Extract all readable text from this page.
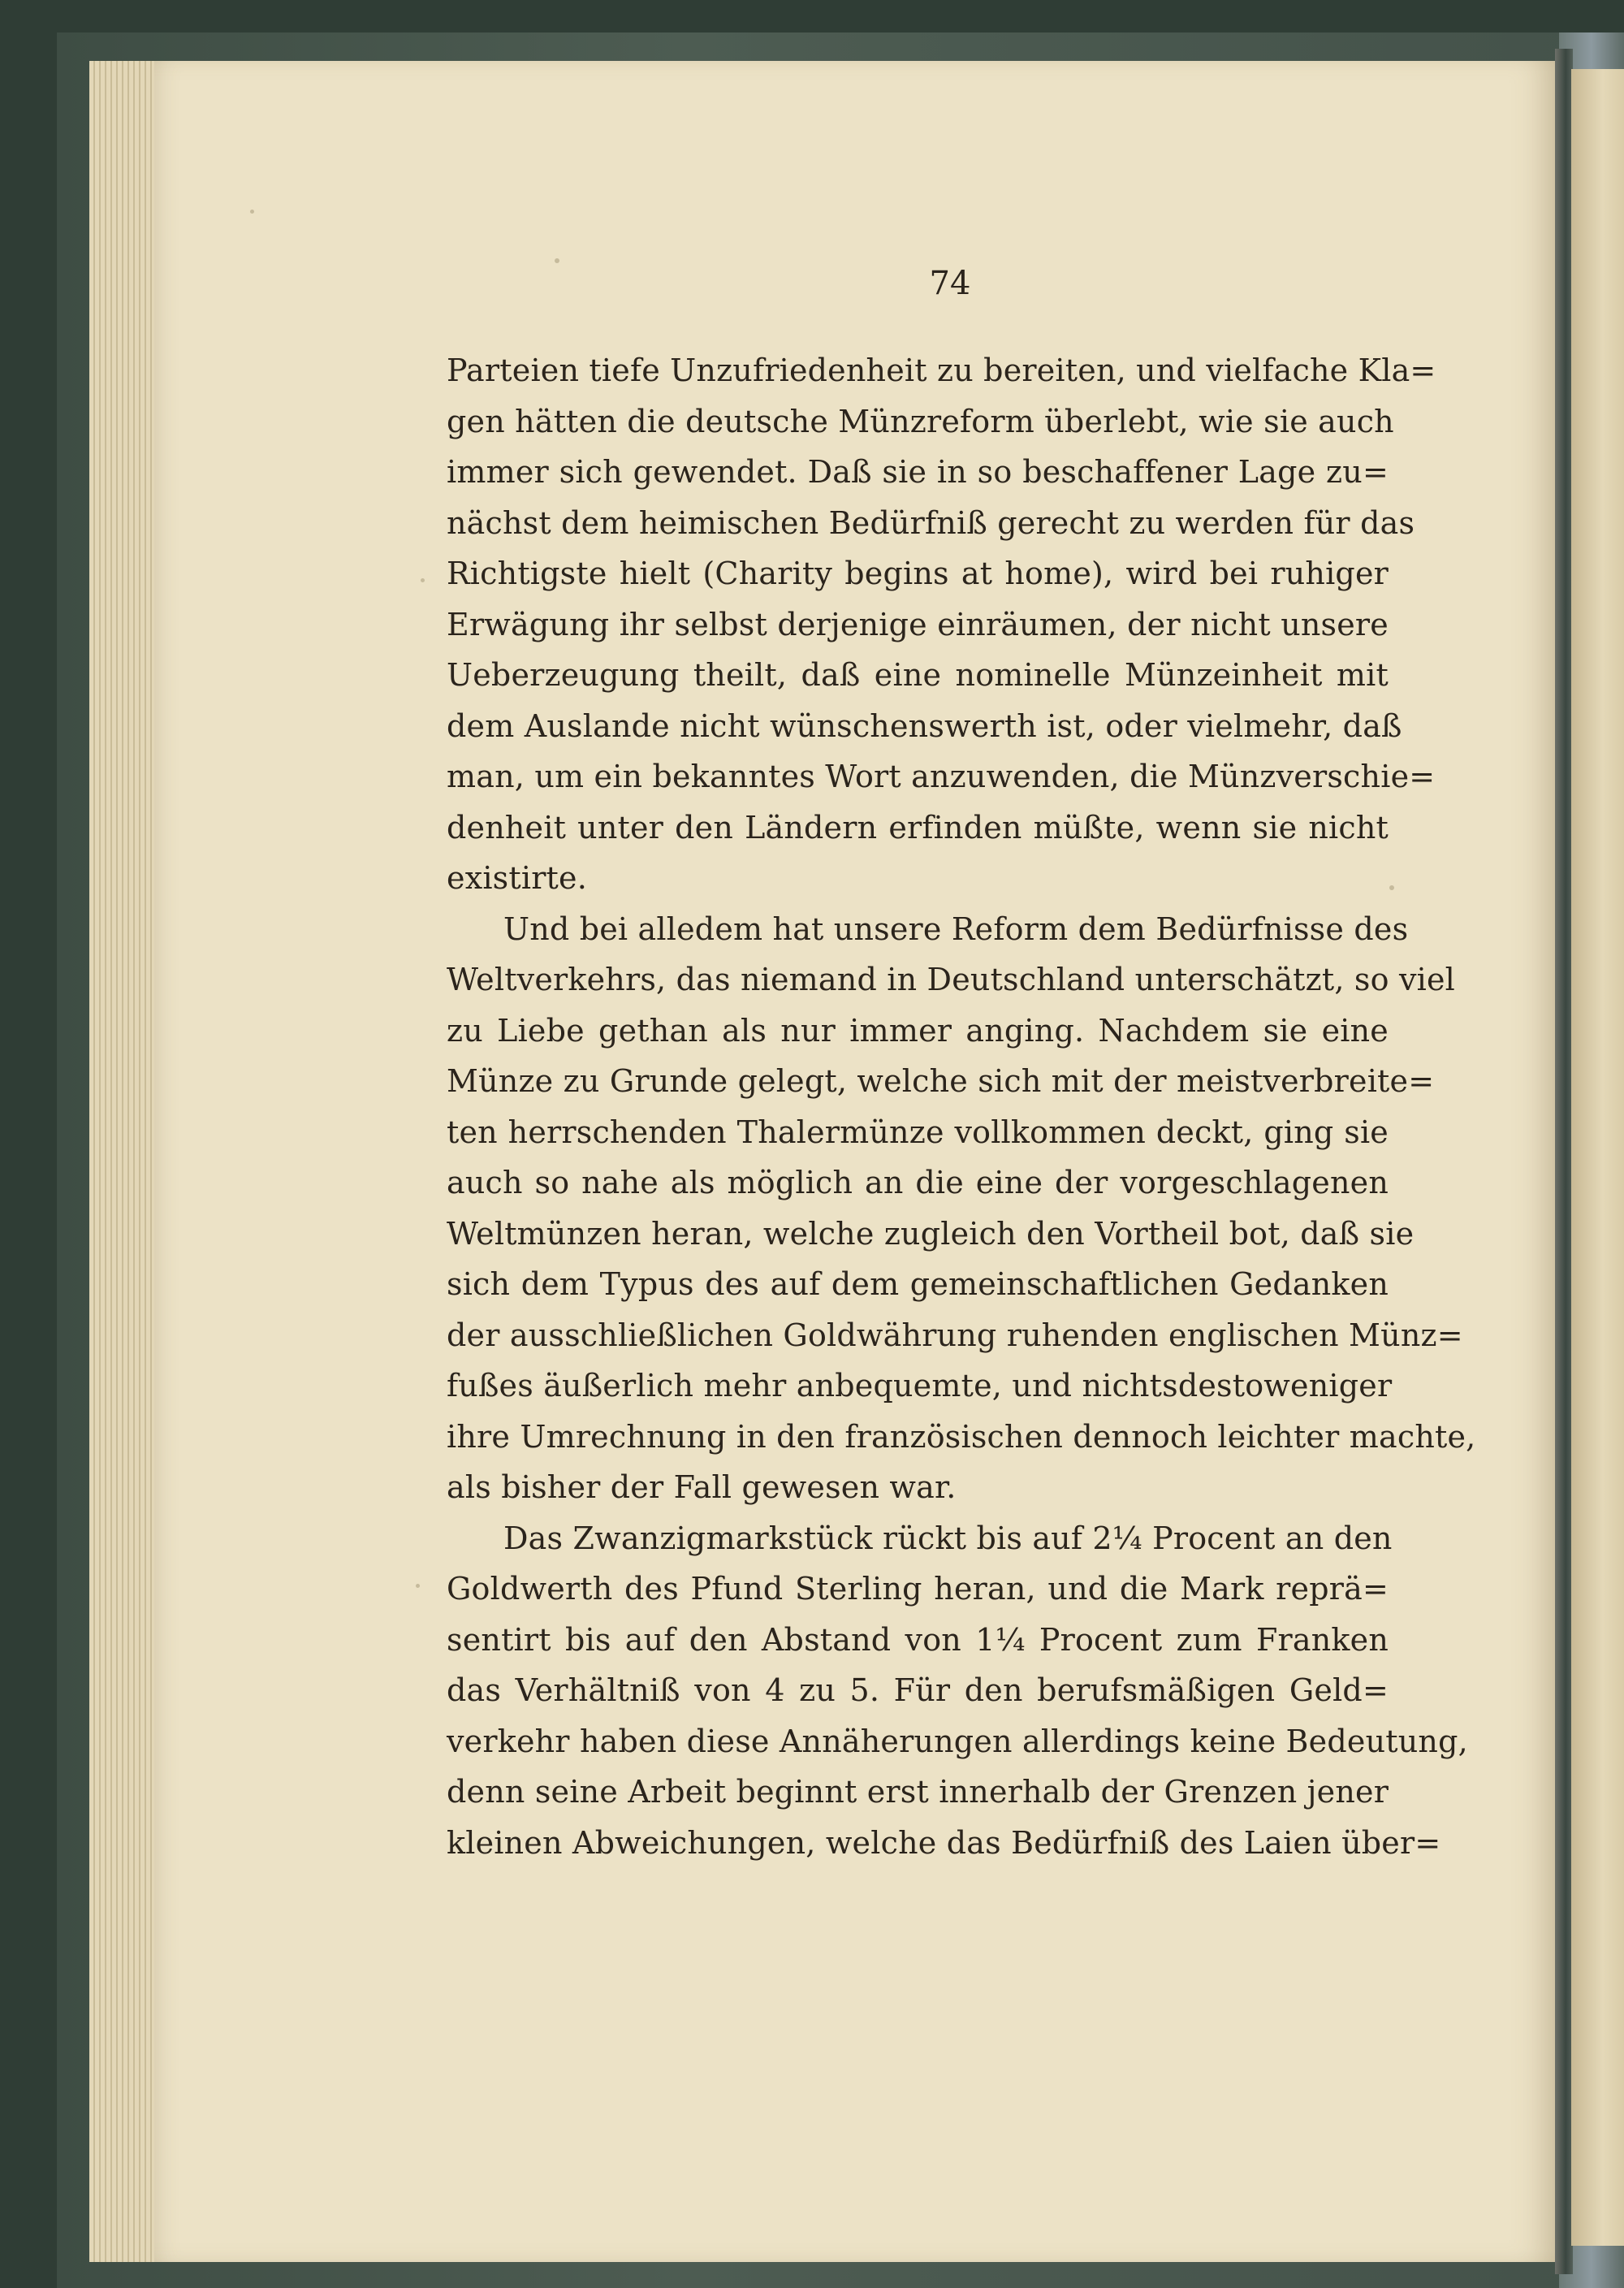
74
Parteien tiefe Unzufriedenheit zu bereiten, und vielfache Kla=
gen hätten die deutsche Münzreform überlebt, wie sie auch
immer sich gewendet. Daß sie in so beschaffener Lage zu=
nächst dem heimischen Bedürfniß gerecht zu werden für das
Richtigste hielt (Charity begins at home), wird bei ruhiger
Erwägung ihr selbst derjenige einräumen, der nicht unsere
Ueberzeugung theilt, daß eine nominelle Münzeinheit mit
dem Auslande nicht wünschenswerth ist, oder vielmehr, daß
man, um ein bekanntes Wort anzuwenden, die Münzverschie=
denheit unter den Ländern erfinden müßte, wenn sie nicht
existirte.
Und bei alledem hat unsere Reform dem Bedürfnisse des
Weltverkehrs, das niemand in Deutschland unterschätzt, so viel
zu Liebe gethan als nur immer anging. Nachdem sie eine
Münze zu Grunde gelegt, welche sich mit der meistverbreite=
ten herrschenden Thalermünze vollkommen deckt, ging sie
auch so nahe als möglich an die eine der vorgeschlagenen
Weltmünzen heran, welche zugleich den Vortheil bot, daß sie
sich dem Typus des auf dem gemeinschaftlichen Gedanken
der ausschließlichen Goldwährung ruhenden englischen Münz=
fußes äußerlich mehr anbequemte, und nichtsdestoweniger
ihre Umrechnung in den französischen dennoch leichter machte,
als bisher der Fall gewesen war.
Das Zwanzigmarkstück rückt bis auf 2¼ Procent an den
Goldwerth des Pfund Sterling heran, und die Mark reprä=
sentirt bis auf den Abstand von 1¼ Procent zum Franken
das Verhältniß von 4 zu 5. Für den berufsmäßigen Geld=
verkehr haben diese Annäherungen allerdings keine Bedeutung,
denn seine Arbeit beginnt erst innerhalb der Grenzen jener
kleinen Abweichungen, welche das Bedürfniß des Laien über=
